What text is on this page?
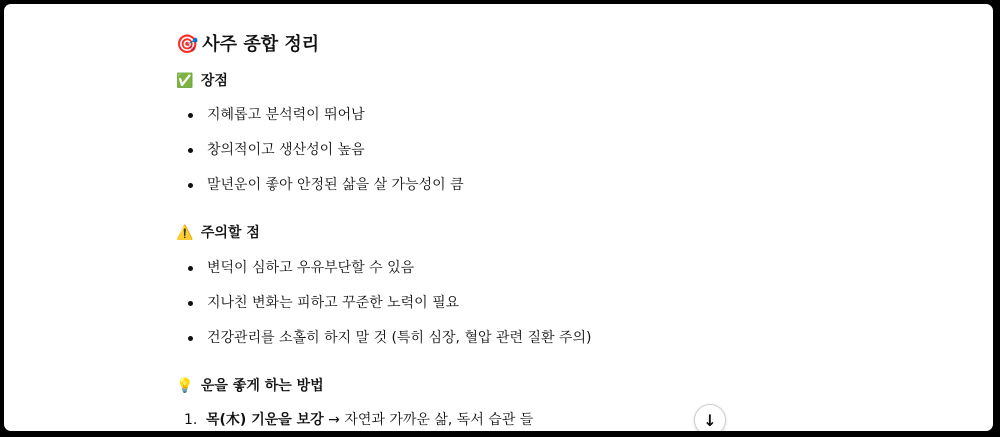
🎯 사주 종합 정리
✅ 장점
지혜롭고 분석력이 뛰어남
창의적이고 생산성이 높음
말년운이 좋아 안정된 삶을 살 가능성이 큼
⚠️ 주의할 점
변덕이 심하고 우유부단할 수 있음
지나친 변화는 피하고 꾸준한 노력이 필요
건강관리를 소홀히 하지 말 것 (특히 심장, 혈압 관련 질환 주의)
💡 운을 좋게 하는 방법
1. 목(木) 기운을 보강 → 자연과 가까운 삶, 독서 습관 들	↓
